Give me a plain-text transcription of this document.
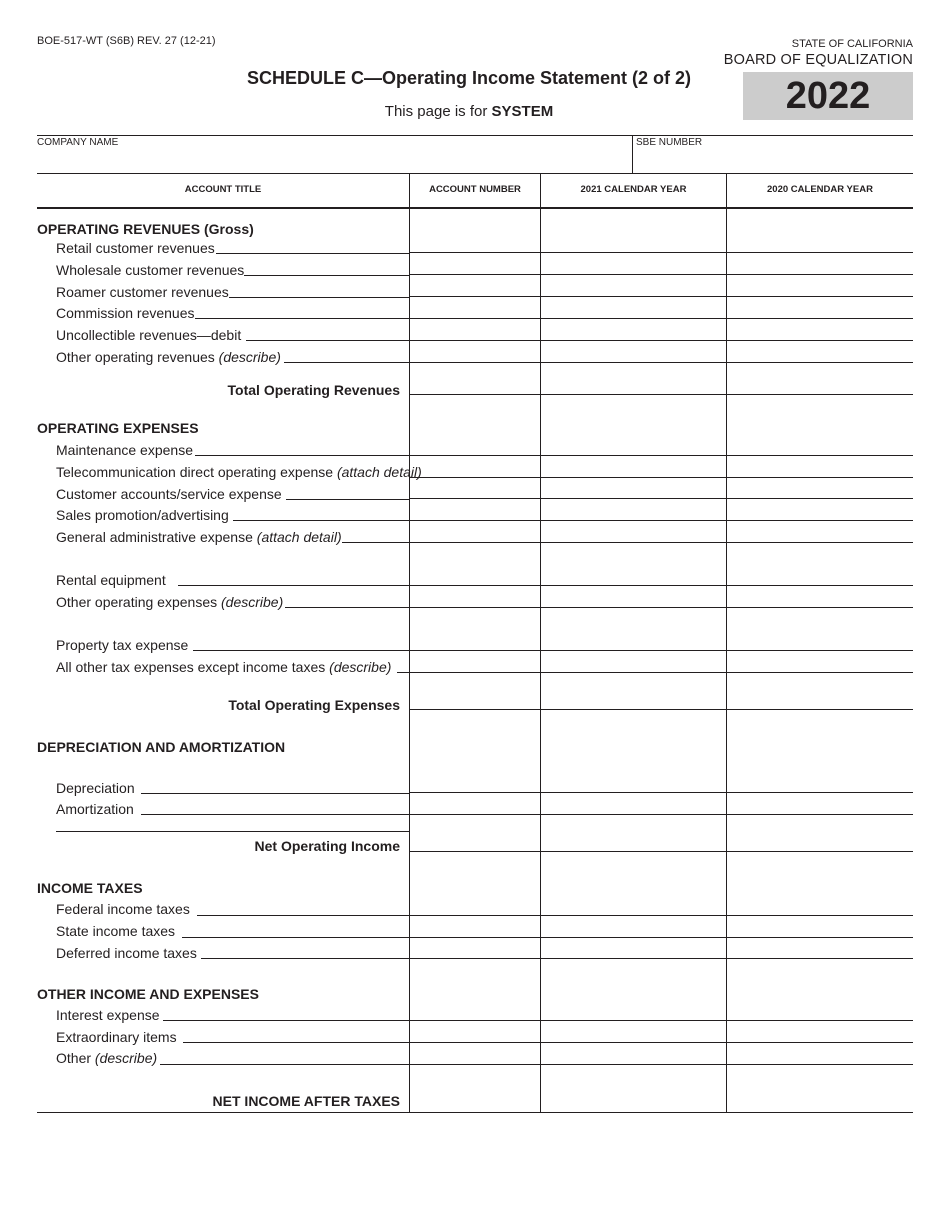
BOE-517-WT (S6B) REV. 27 (12-21)	STATE OF CALIFORNIA
BOARD OF EQUALIZATION
2022
SCHEDULE C—Operating Income Statement (2 of 2)
This page is for SYSTEM
COMPANY NAME	SBE NUMBER
ACCOUNT TITLE	ACCOUNT NUMBER	2021 CALENDAR YEAR	2020 CALENDAR YEAR
OPERATING REVENUES (Gross)
Retail customer revenues
Wholesale customer revenues
Roamer customer revenues
Commission revenues
Uncollectible revenues—debit
Other operating revenues (describe)
Total Operating Revenues
OPERATING EXPENSES
Maintenance expense
Telecommunication direct operating expense (attach detail)
Customer accounts/service expense
Sales promotion/advertising
General administrative expense (attach detail)
Rental equipment
Other operating expenses (describe)
Property tax expense
All other tax expenses except income taxes (describe)
Total Operating Expenses
DEPRECIATION AND AMORTIZATION
Depreciation
Amortization
Net Operating Income
INCOME TAXES
Federal income taxes
State income taxes
Deferred income taxes
OTHER INCOME AND EXPENSES
Interest expense
Extraordinary items
Other (describe)
NET INCOME AFTER TAXES
